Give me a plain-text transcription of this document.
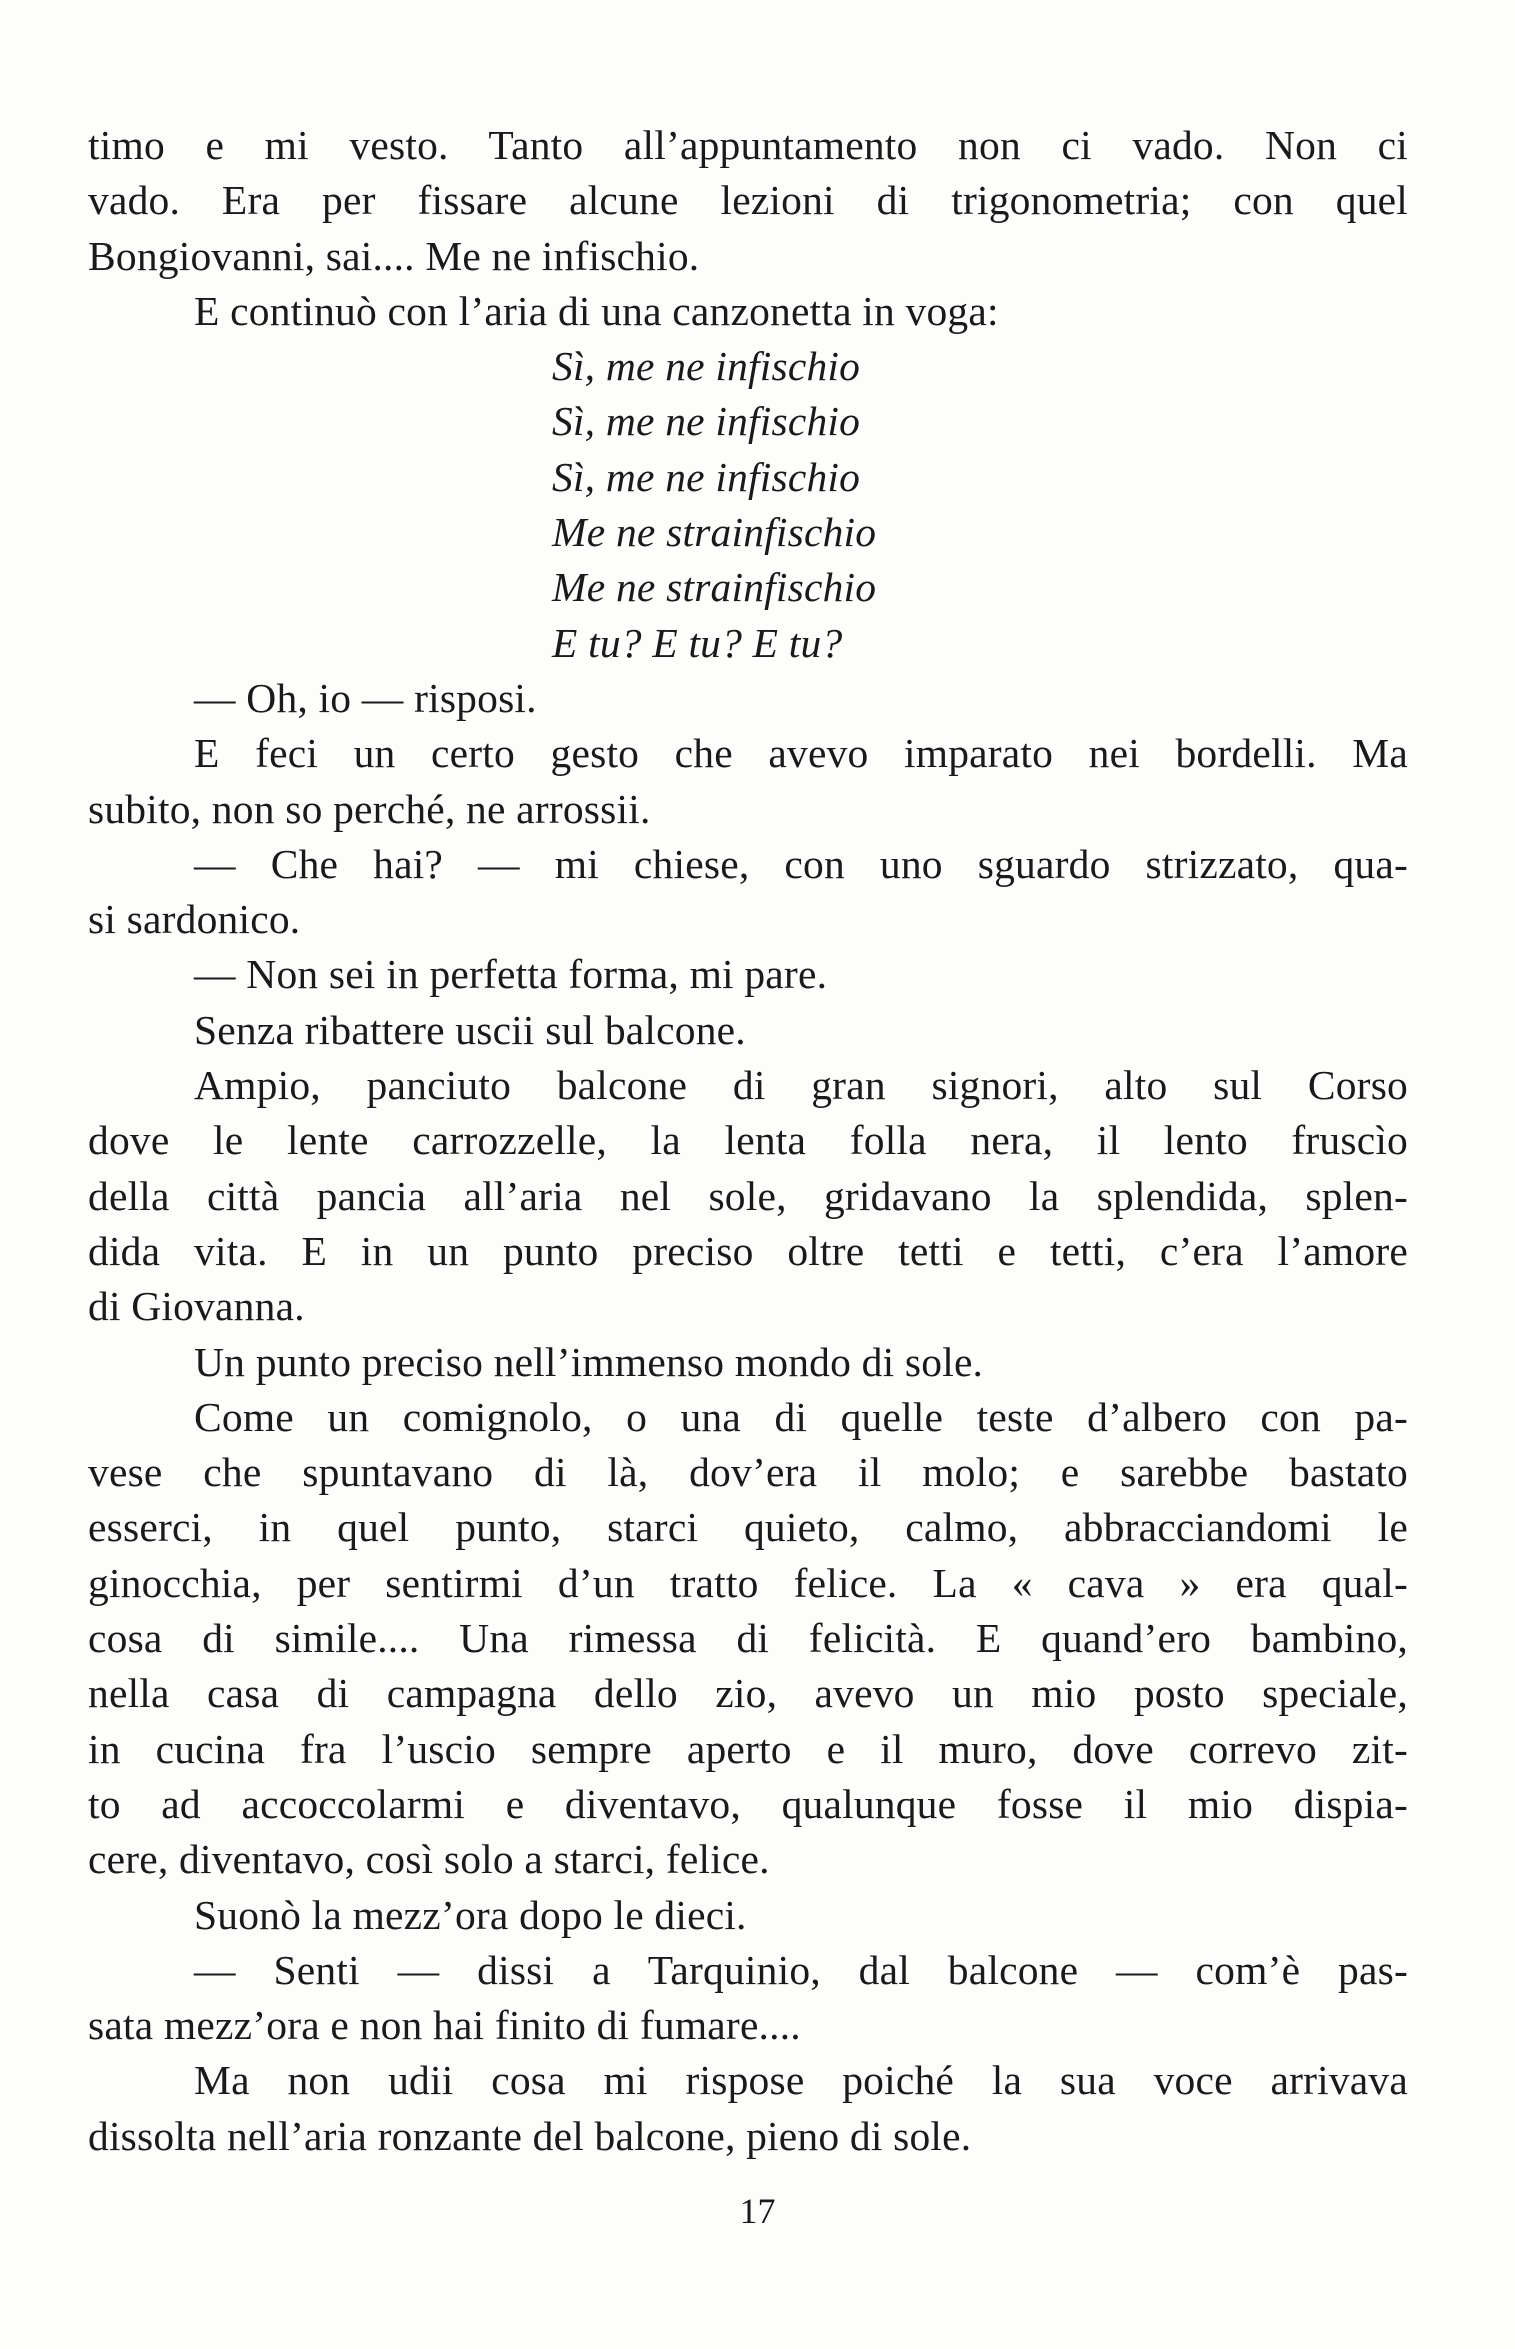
timo e mi vesto. Tanto all’appuntamento non ci vado. Non ci
vado. Era per fissare alcune lezioni di trigonometria; con quel
Bongiovanni, sai.... Me ne infischio.
E continuò con l’aria di una canzonetta in voga:
Sì, me ne infischio
Sì, me ne infischio
Sì, me ne infischio
Me ne strainfischio
Me ne strainfischio
E tu? E tu? E tu?
— Oh, io — risposi.
E feci un certo gesto che avevo imparato nei bordelli. Ma
subito, non so perché, ne arrossii.
— Che hai? — mi chiese, con uno sguardo strizzato, qua-
si sardonico.
— Non sei in perfetta forma, mi pare.
Senza ribattere uscii sul balcone.
Ampio, panciuto balcone di gran signori, alto sul Corso
dove le lente carrozzelle, la lenta folla nera, il lento fruscìo
della città pancia all’aria nel sole, gridavano la splendida, splen-
dida vita. E in un punto preciso oltre tetti e tetti, c’era l’amore
di Giovanna.
Un punto preciso nell’immenso mondo di sole.
Come un comignolo, o una di quelle teste d’albero con pa-
vese che spuntavano di là, dov’era il molo; e sarebbe bastato
esserci, in quel punto, starci quieto, calmo, abbracciandomi le
ginocchia, per sentirmi d’un tratto felice. La « cava » era qual-
cosa di simile.... Una rimessa di felicità. E quand’ero bambino,
nella casa di campagna dello zio, avevo un mio posto speciale,
in cucina fra l’uscio sempre aperto e il muro, dove correvo zit-
to ad accoccolarmi e diventavo, qualunque fosse il mio dispia-
cere, diventavo, così solo a starci, felice.
Suonò la mezz’ora dopo le dieci.
— Senti — dissi a Tarquinio, dal balcone — com’è pas-
sata mezz’ora e non hai finito di fumare....
Ma non udii cosa mi rispose poiché la sua voce arrivava
dissolta nell’aria ronzante del balcone, pieno di sole.
17
